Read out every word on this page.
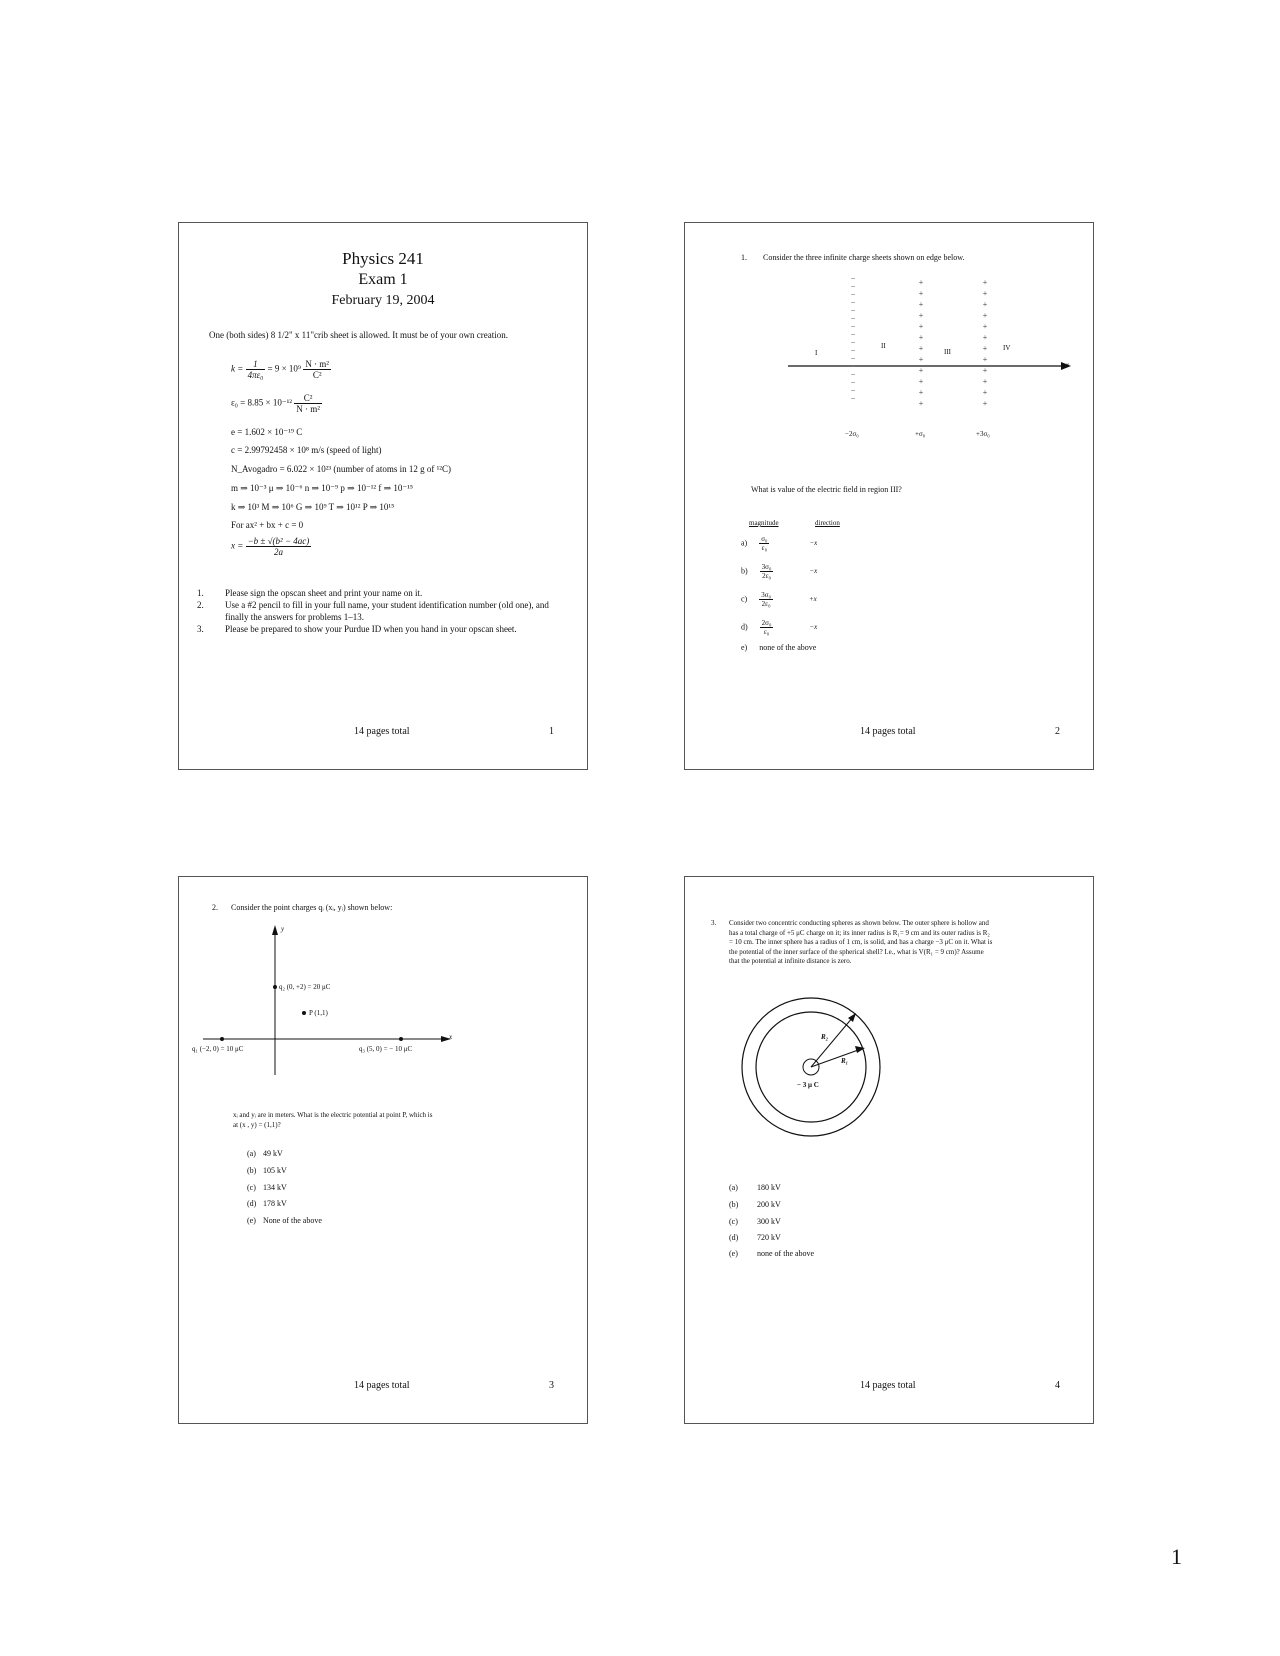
Physics 241
Exam 1
February 19, 2004
One (both sides) 8 1/2" x 11"crib sheet is allowed. It must be of your own creation.
$k = \frac{1}{\text{4πε₀}} = 9 \times 10^9 \frac{\text{N · m²}}{\text{C²}}$
$\varepsilon_0 = 8.85 \times 10^{-12} \frac{\text{C²}}{\text{N · m²}}$
e = 1.602 × 10⁻¹⁹ C
c = 2.99792458 × 10⁸ m/s (speed of light)
N_Avogadro = 6.022 × 10²³ (number of atoms in 12 g of ¹²C)
m ⇒ 10⁻³ μ ⇒ 10⁻⁶ n ⇒ 10⁻⁹ p ⇒ 10⁻¹² f ⇒ 10⁻¹⁵
k ⇒ 10³ M ⇒ 10⁶ G ⇒ 10⁹ T ⇒ 10¹² P ⇒ 10¹⁵
For ax² + bx + c = 0
$x = \frac{\text{−b ± √(b² − 4ac)}}{2a}$
1.	Please sign the opscan sheet and print your name on it.
2.	Use a #2 pencil to fill in your full name, your student identification number (old one), and finally the answers for problems 1–13.
3.	Please be prepared to show your Purdue ID when you hand in your opscan sheet.
14 pages total	1
1. Consider the three infinite charge sheets shown on edge below.
−
−
−
−
−
−
−
−
−
−
−
−
−
−
−
−
+
+
+
+
+
+
+
+
+
+
+
+
+
+
+
+
+
+
+
+
+
+
+
+
I
II
III	IV
x
−2σ₀	+σ₀	+3σ₀
What is value of the electric field in region III?
magnitude	direction
$a) \frac{\text{σ₀}}{\text{ε₀}}$	−x
$b) \frac{\text{3σ₀}}{\text{2ε₀}}$	−x
$c) \frac{\text{3σ₀}}{\text{2ε₀}}$	+x
$d) \frac{\text{2σ₀}}{\text{ε₀}}$	−x
e) none of the above
14 pages total	2
2. Consider the point charges qᵢ (xᵢ, yᵢ) shown below:
y
x
q₂ (0, +2) = 20 μC
P (1,1)
q₁ (−2, 0) = 10 μC	q₃ (5, 0) = − 10 μC
xᵢ and yᵢ are in meters. What is the electric potential at point P, which is
at (x , y) = (1,1)?
(a) 49 kV
(b) 105 kV
(c) 134 kV
(d) 178 kV
(e) None of the above
14 pages total	3
3. Consider two concentric conducting spheres as shown below. The outer sphere is hollow and
has a total charge of +5 μC charge on it; its inner radius is R₁= 9 cm and its outer radius is R₂
= 10 cm. The inner sphere has a radius of 1 cm, is solid, and has a charge −3 μC on it. What is
the potential of the inner surface of the spherical shell? I.e., what is V(R₁ = 9 cm)? Assume
that the potential at infinite distance is zero.
R₂
R₁
− 3 μ C
(a) 180 kV
(b) 200 kV
(c) 300 kV
(d) 720 kV
(e) none of the above
14 pages total	4
1
